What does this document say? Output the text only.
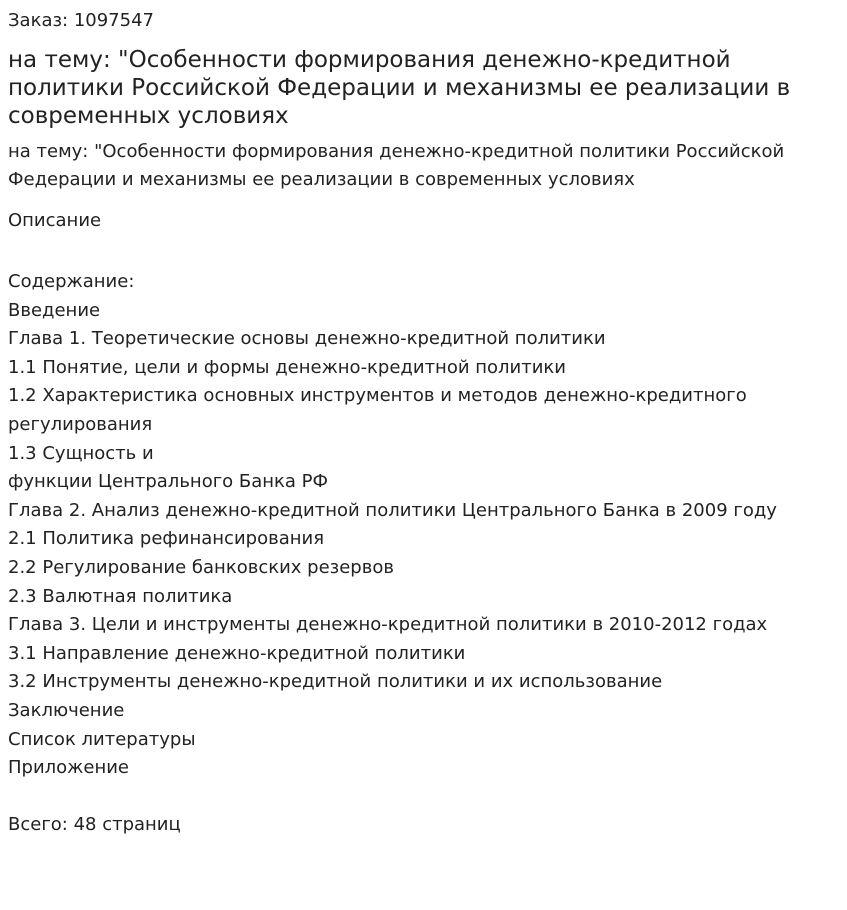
Заказ: 1097547
на тему: "Особенности формирования денежно-кредитной политики Российской Федерации и механизмы ее реализации в современных условиях
на тему: "Особенности формирования денежно-кредитной политики Российской Федерации и механизмы ее реализации в современных условиях
Описание
Содержание:
Введение
Глава 1. Теоретические основы денежно-кредитной политики
1.1 Понятие, цели и формы денежно-кредитной политики
1.2 Характеристика основных инструментов и методов денежно-кредитного
регулирования
1.3 Сущность и
функции Центрального Банка РФ
Глава 2. Анализ денежно-кредитной политики Центрального Банка в 2009 году
2.1 Политика рефинансирования
2.2 Регулирование банковских резервов
2.3 Валютная политика
Глава 3. Цели и инструменты денежно-кредитной политики в 2010-2012 годах
3.1 Направление денежно-кредитной политики
3.2 Инструменты денежно-кредитной политики и их использование
Заключение
Список литературы
Приложение
Всего: 48 страниц
